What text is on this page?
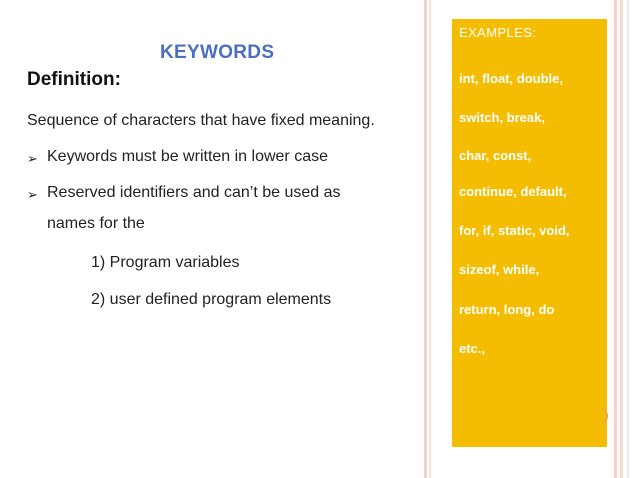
KEYWORDS
Definition:
Sequence of characters that have fixed meaning.
➢ Keywords must be written in lower case
➢ Reserved identifiers and can’t be used as
names for the
1) Program variables
2) user defined program elements
EXAMPLES:
int, float, double,
switch, break,
char, const,
continue, default,
for, if, static, void,
sizeof, while,
return, long, do
etc.,
